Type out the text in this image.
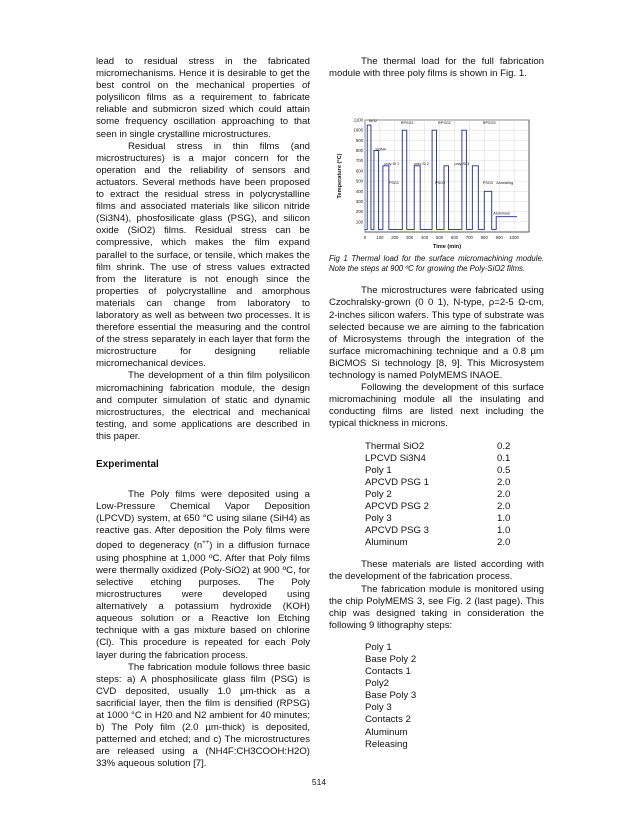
lead to residual stress in the fabricated micromechanisms. Hence it is desirable to get the best control on the mechanical properties of polysilicon films as a requirement to fabricate reliable and submicron sized which could attain some frequency oscillation approaching to that seen in single crystalline microstructures.

Residual stress in thin films (and microstructures) is a major concern for the operation and the reliability of sensors and actuators. Several methods have been proposed to extract the residual stress in polycrystalline films and associated materials like silicon nitride (Si3N4), phosfosilicate glass (PSG), and silicon oxide (SiO2) films. Residual stress can be compressive, which makes the film expand parallel to the surface, or tensile, which makes the film shrink. The use of stress values extracted from the literature is not enough since the properties of polycrystalline and amorphous materials can change from laboratory to laboratory as well as between two processes. It is therefore essential the measuring and the control of the stress separately in each layer that form the microstructure for designing reliable micromechanical devices.

The development of a thin film polysilicon micromachining fabrication module, the design and computer simulation of static and dynamic microstructures, the electrical and mechanical testing, and some applications are described in this paper.

Experimental

The Poly films were deposited using a Low-Pressure Chemical Vapor Deposition (LPCVD) system, at 650 °C using silane (SiH4) as reactive gas. After deposition the Poly films were doped to degeneracy (n++) in a diffusion furnace using phosphine at 1,000 ºC. After that Poly films were thermally oxidized (Poly-SiO2) at 900 ºC, for selective etching purposes. The Poly microstructures were developed using alternatively a potassium hydroxide (KOH) aqueous solution or a Reactive Ion Etching technique with a gas mixture based on chlorine (Cl). This procedure is repeated for each Poly layer during the fabrication process.

The fabrication module follows three basic steps: a) A phosphosilicate glass film (PSG) is CVD deposited, usually 1.0 µm-thick as a sacrificial layer, then the film is densified (RPSG) at 1000 °C in H20 and N2 ambient for 40 minutes; b) The Poly film (2.0 µm-thick) is deposited, patterned and etched; and c) The microstructures are released using a (NH4F:CH3COOH:H2O) 33% aqueous solution [7].

The thermal load for the full fabrication module with three poly films is shown in Fig. 1.

0 100 200 300 400 500 600 700 800 900 1000
100
200
300
400
500
600
700
800
900
1000
1100
Time (min)
Temperature (°C)
SiO2
RPSG1	RPSG2	RPSG3
Si3N4
poly-Si 1	poly-Si 2	poly-Si 3
PSG1	PSG2	PSG3 Annealing
Aluminum

Fig 1 Thermal load for the surface micromachining module. Note the steps at 900 ºC for growing the Poly-SiO2 films.

The microstructures were fabricated using Czochralsky-grown (0 0 1), N-type, ρ=2-5 Ω-cm, 2-inches silicon wafers. This type of substrate was selected because we are aiming to the fabrication of Microsystems through the integration of the surface micromachining technique and a 0.8 µm BiCMOS Si technology [8, 9]. This Microsystem technology is named PolyMEMS INAOE.

Following the development of this surface micromachining module all the insulating and conducting films are listed next including the typical thickness in microns.

Thermal SiO2	0.2
LPCVD Si3N4	0.1
Poly 1	0.5
APCVD PSG 1	2.0
Poly 2	2.0
APCVD PSG 2	2.0
Poly 3	1.0
APCVD PSG 3	1.0
Aluminum	2.0

These materials are listed according with the development of the fabrication process.

The fabrication module is monitored using the chip PolyMEMS 3, see Fig. 2 (last page). This chip was designed taking in consideration the following 9 lithography steps:

Poly 1
Base Poly 2
Contacts 1
Poly2
Base Poly 3
Poly 3
Contacts 2
Aluminum
Releasing
514
